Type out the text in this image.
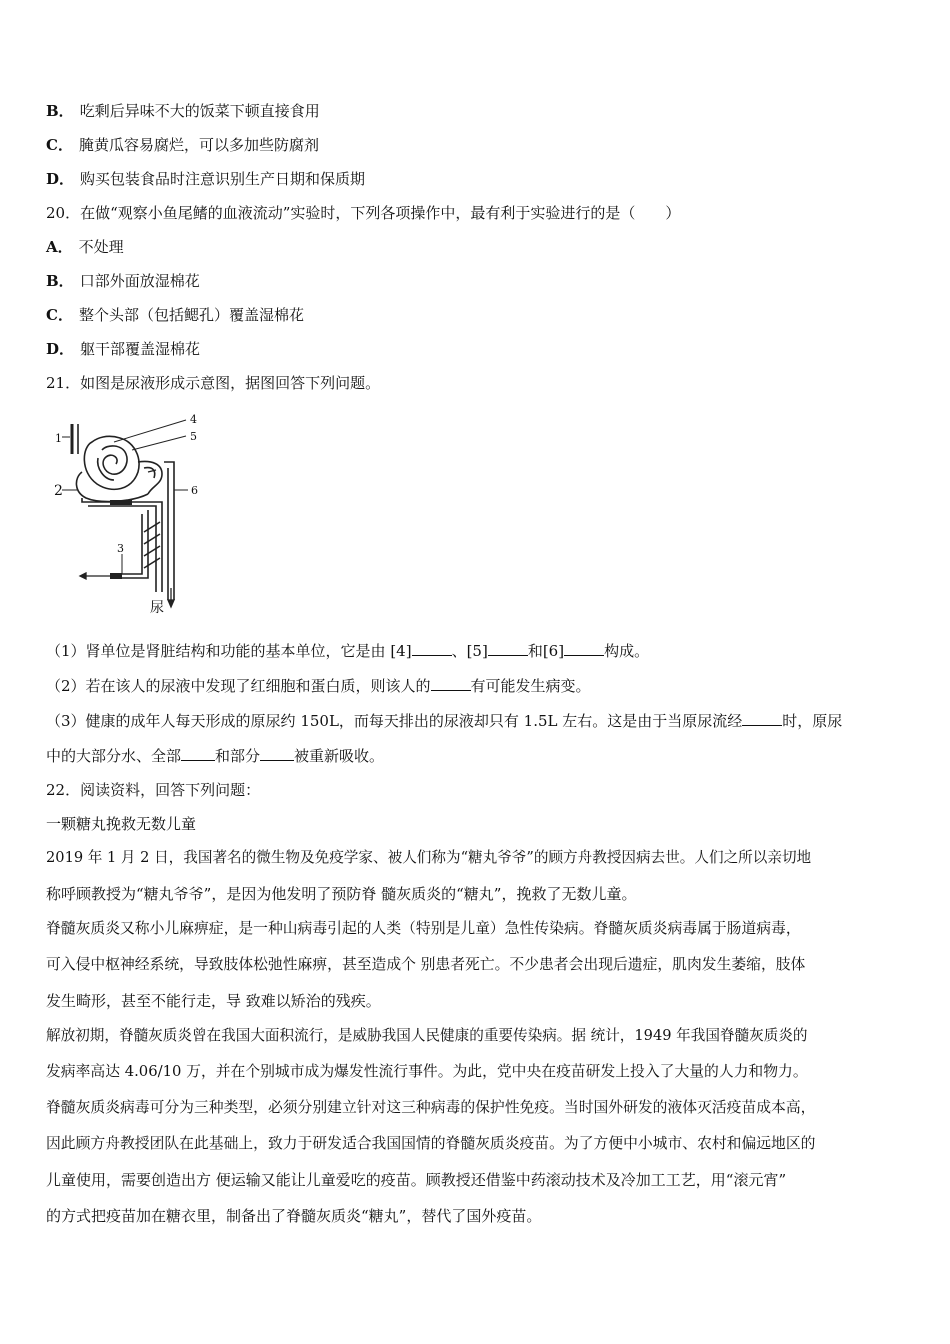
B． 吃剩后异味不大的饭菜下顿直接食用
C． 腌黄瓜容易腐烂，可以多加些防腐剂
D． 购买包装食品时注意识别生产日期和保质期
20．在做“观察小鱼尾鳍的血液流动”实验时，下列各项操作中，最有利于实验进行的是（　　）
A． 不处理
B． 口部外面放湿棉花
C． 整个头部（包括鳃孔）覆盖湿棉花
D． 躯干部覆盖湿棉花
21．如图是尿液形成示意图，据图回答下列问题。
1
2
3
4
5
6
尿
（1）肾单位是肾脏结构和功能的基本单位，它是由 [4]	、[5]	和[6]	构成。
（2）若在该人的尿液中发现了红细胞和蛋白质，则该人的	有可能发生病变。
（3）健康的成年人每天形成的原尿约 150L，而每天排出的尿液却只有 1.5L 左右。这是由于当原尿流经	时，原尿
中的大部分水、全部 和部分 被重新吸收。
22．阅读资料，回答下列问题：
一颗糖丸挽救无数儿童
2019 年 1 月 2 日，我国著名的微生物及免疫学家、被人们称为“糖丸爷爷”的顾方舟教授因病去世。人们之所以亲切地
称呼顾教授为“糖丸爷爷”，是因为他发明了预防脊 髓灰质炎的“糖丸”，挽救了无数儿童。
脊髓灰质炎又称小儿麻痹症，是一种山病毒引起的人类（特别是儿童）急性传染病。脊髓灰质炎病毒属于肠道病毒，
可入侵中枢神经系统，导致肢体松弛性麻痹，甚至造成个 别患者死亡。不少患者会出现后遗症，肌肉发生萎缩，肢体
发生畸形，甚至不能行走，导 致难以矫治的残疾。
解放初期，脊髓灰质炎曾在我国大面积流行，是威胁我国人民健康的重要传染病。据 统计，1949 年我国脊髓灰质炎的
发病率高达 4.06/10 万，并在个别城市成为爆发性流行事件。为此，党中央在疫苗研发上投入了大量的人力和物力。
脊髓灰质炎病毒可分为三种类型，必须分别建立针对这三种病毒的保护性免疫。当时国外研发的液体灭活疫苗成本高，
因此顾方舟教授团队在此基础上，致力于研发适合我国国情的脊髓灰质炎疫苗。为了方便中小城市、农村和偏远地区的
儿童使用，需要创造出方 便运输又能让儿童爱吃的疫苗。顾教授还借鉴中药滚动技术及冷加工工艺，用“滚元宵”
的方式把疫苗加在糖衣里，制备出了脊髓灰质炎“糖丸”，替代了国外疫苗。
